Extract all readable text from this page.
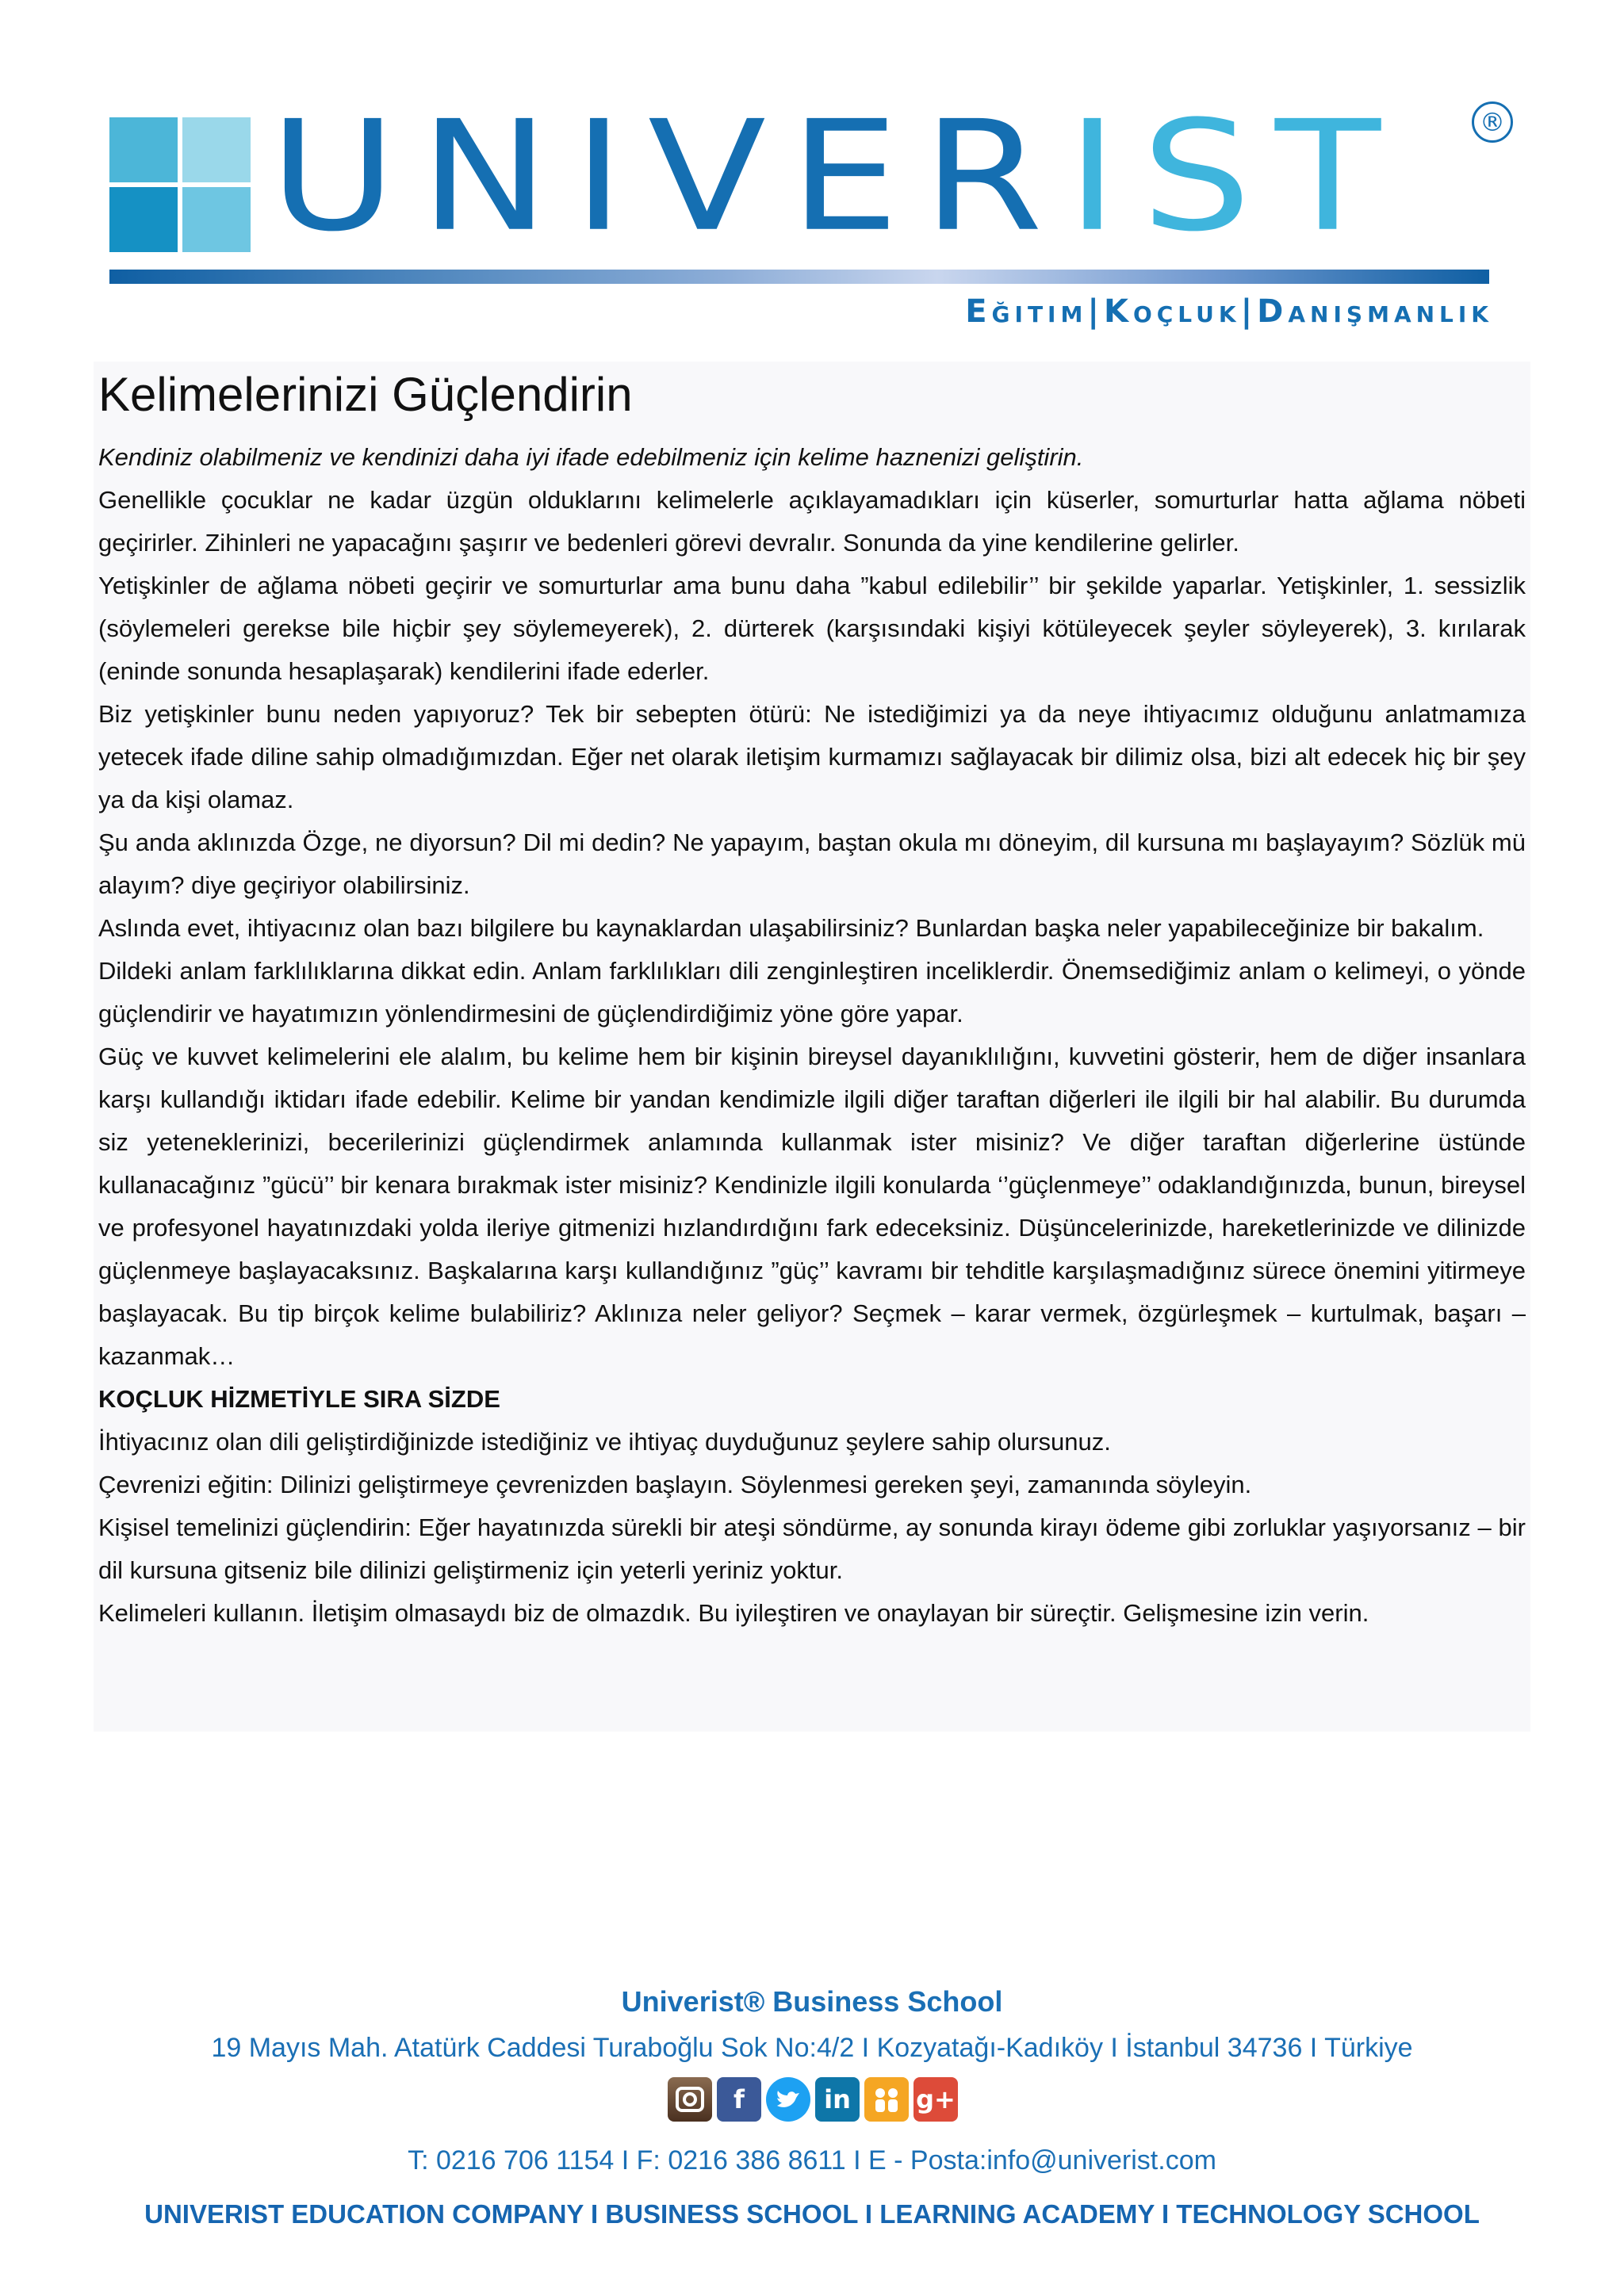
UNIVERIST	®
Eğitim|Koçluk|Danışmanlık
Kelimelerinizi Güçlendirin

Kendiniz olabilmeniz ve kendinizi daha iyi ifade edebilmeniz için kelime haznenizi geliştirin.

Genellikle çocuklar ne kadar üzgün olduklarını kelimelerle açıklayamadıkları için küserler, somurturlar hatta ağlama nöbeti geçirirler. Zihinleri ne yapacağını şaşırır ve bedenleri görevi devralır. Sonunda da yine kendilerine gelirler.

Yetişkinler de ağlama nöbeti geçirir ve somurturlar ama bunu daha ”kabul edilebilir’’ bir şekilde yaparlar. Yetişkinler, 1. sessizlik (söylemeleri gerekse bile hiçbir şey söylemeyerek), 2. dürterek (karşısındaki kişiyi kötüleyecek şeyler söyleyerek), 3. kırılarak (eninde sonunda hesaplaşarak) kendilerini ifade ederler.

Biz yetişkinler bunu neden yapıyoruz? Tek bir sebepten ötürü: Ne istediğimizi ya da neye ihtiyacımız olduğunu anlatmamıza yetecek ifade diline sahip olmadığımızdan. Eğer net olarak iletişim kurmamızı sağlayacak bir dilimiz olsa, bizi alt edecek hiç bir şey ya da kişi olamaz.

Şu anda aklınızda Özge, ne diyorsun? Dil mi dedin? Ne yapayım, baştan okula mı döneyim, dil kursuna mı başlayayım? Sözlük mü alayım? diye geçiriyor olabilirsiniz.

Aslında evet, ihtiyacınız olan bazı bilgilere bu kaynaklardan ulaşabilirsiniz? Bunlardan başka neler yapabileceğinize bir bakalım.

Dildeki anlam farklılıklarına dikkat edin. Anlam farklılıkları dili zenginleştiren inceliklerdir. Önemsediğimiz anlam o kelimeyi, o yönde güçlendirir ve hayatımızın yönlendirmesini de güçlendirdiğimiz yöne göre yapar.

Güç ve kuvvet kelimelerini ele alalım, bu kelime hem bir kişinin bireysel dayanıklılığını, kuvvetini gösterir, hem de diğer insanlara karşı kullandığı iktidarı ifade edebilir. Kelime bir yandan kendimizle ilgili diğer taraftan diğerleri ile ilgili bir hal alabilir. Bu durumda siz yeteneklerinizi, becerilerinizi güçlendirmek anlamında kullanmak ister misiniz? Ve diğer taraftan diğerlerine üstünde kullanacağınız ”gücü’’ bir kenara bırakmak ister misiniz? Kendinizle ilgili konularda ‘’güçlenmeye’’ odaklandığınızda, bunun, bireysel ve profesyonel hayatınızdaki yolda ileriye gitmenizi hızlandırdığını fark edeceksiniz. Düşüncelerinizde, hareketlerinizde ve dilinizde güçlenmeye başlayacaksınız. Başkalarına karşı kullandığınız ”güç’’ kavramı bir tehditle karşılaşmadığınız sürece önemini yitirmeye başlayacak. Bu tip birçok kelime bulabiliriz? Aklınıza neler geliyor? Seçmek – karar vermek, özgürleşmek – kurtulmak, başarı – kazanmak…

KOÇLUK HİZMETİYLE SIRA SİZDE

İhtiyacınız olan dili geliştirdiğinizde istediğiniz ve ihtiyaç duyduğunuz şeylere sahip olursunuz.

Çevrenizi eğitin: Dilinizi geliştirmeye çevrenizden başlayın. Söylenmesi gereken şeyi, zamanında söyleyin.

Kişisel temelinizi güçlendirin: Eğer hayatınızda sürekli bir ateşi söndürme, ay sonunda kirayı ödeme gibi zorluklar yaşıyorsanız – bir dil kursuna gitseniz bile dilinizi geliştirmeniz için yeterli yeriniz yoktur.

Kelimeleri kullanın. İletişim olmasaydı biz de olmazdık. Bu iyileştiren ve onaylayan bir süreçtir. Gelişmesine izin verin.

Univerist® Business School
19 Mayıs Mah. Atatürk Caddesi Turaboğlu Sok No:4/2 I Kozyatağı-Kadıköy I İstanbul 34736 I Türkiye
f	in	g+
T: 0216 706 1154 I F: 0216 386 8611 I E - Posta:info@univerist.com
UNIVERIST EDUCATION COMPANY I BUSINESS SCHOOL I LEARNING ACADEMY I TECHNOLOGY SCHOOL
